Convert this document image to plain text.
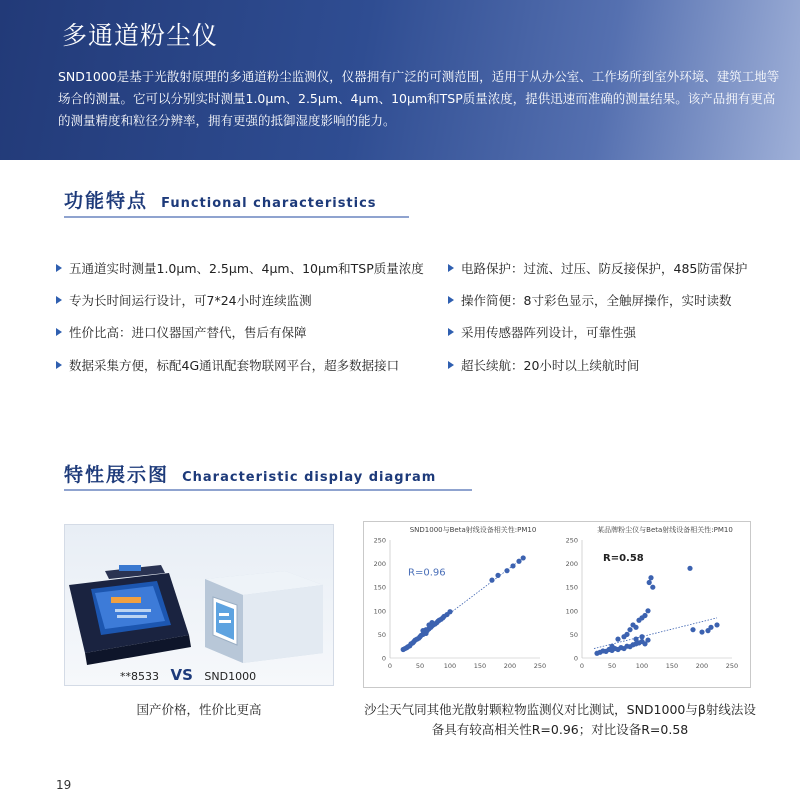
多通道粉尘仪
SND1000是基于光散射原理的多通道粉尘监测仪，仪器拥有广泛的可测范围，适用于从办公室、工作场所到室外环境、建筑工地等场合的测量。它可以分别实时测量1.0μm、2.5μm、4μm、10μm和TSP质量浓度，提供迅速而准确的测量结果。该产品拥有更高的测量精度和粒径分辨率，拥有更强的抵御湿度影响的能力。
功能特点 Functional characteristics
五通道实时测量1.0μm、2.5μm、4μm、10μm和TSP质量浓度
专为长时间运行设计，可7*24小时连续监测
性价比高：进口仪器国产替代，售后有保障
数据采集方便，标配4G通讯配套物联网平台，超多数据接口
电路保护：过流、过压、防反接保护，485防雷保护
操作简便：8寸彩色显示，全触屏操作，实时读数
采用传感器阵列设计，可靠性强
超长续航：20小时以上续航时间
特性展示图 Characteristic display diagram
**8533 VS SND1000
国产价格，性价比更高
SND1000与Beta射线设备相关性:PM10
0
50
100
150
200
250
0	50	100	150	200	250
R=0.96
某品牌粉尘仪与Beta射线设备相关性:PM10
0
50
100
150
200
250
0	50	100	150	200	250
R=0.58
沙尘天气同其他光散射颗粒物监测仪对比测试，SND1000与β射线法设
备具有较高相关性R=0.96；对比设备R=0.58
19
